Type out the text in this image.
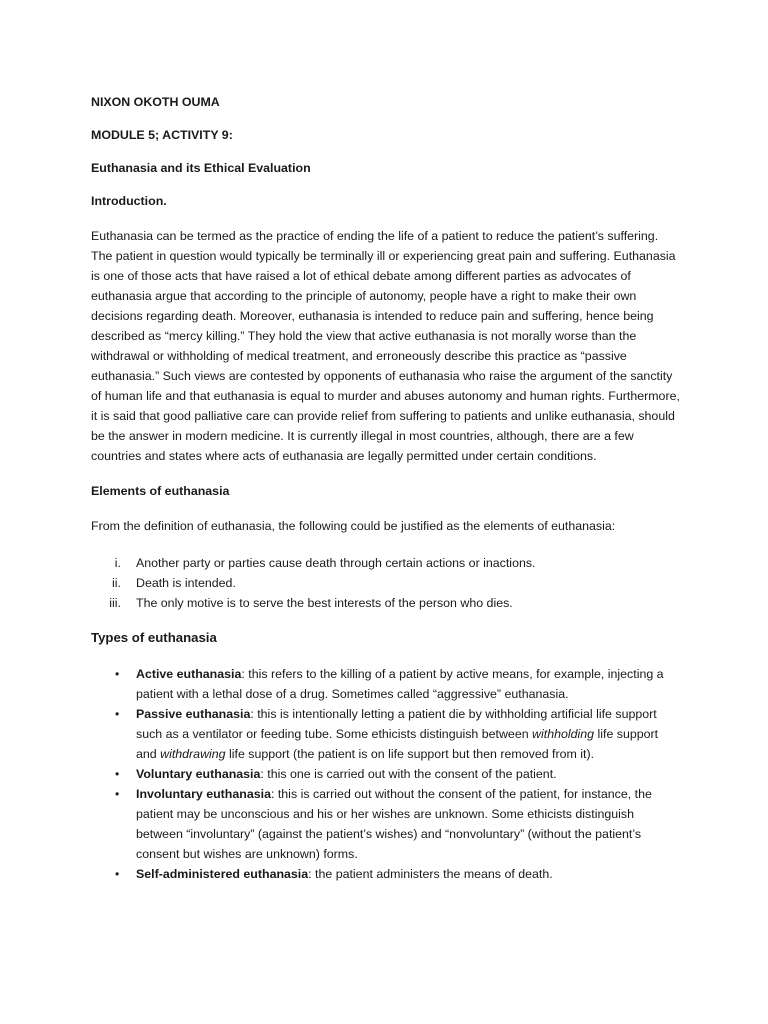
NIXON OKOTH OUMA
MODULE 5; ACTIVITY 9:
Euthanasia and its Ethical Evaluation
Introduction.

Euthanasia can be termed as the practice of ending the life of a patient to reduce the patient’s suffering. The patient in question would typically be terminally ill or experiencing great pain and suffering. Euthanasia is one of those acts that have raised a lot of ethical debate among different parties as advocates of euthanasia argue that according to the principle of autonomy, people have a right to make their own decisions regarding death. Moreover, euthanasia is intended to reduce pain and suffering, hence being described as “mercy killing.” They hold the view that active euthanasia is not morally worse than the withdrawal or withholding of medical treatment, and erroneously describe this practice as “passive euthanasia.” Such views are contested by opponents of euthanasia who raise the argument of the sanctity of human life and that euthanasia is equal to murder and abuses autonomy and human rights. Furthermore, it is said that good palliative care can provide relief from suffering to patients and unlike euthanasia, should be the answer in modern medicine. It is currently illegal in most countries, although, there are a few countries and states where acts of euthanasia are legally permitted under certain conditions.

Elements of euthanasia

From the definition of euthanasia, the following could be justified as the elements of euthanasia:

i. Another party or parties cause death through certain actions or inactions.
ii. Death is intended.
iii. The only motive is to serve the best interests of the person who dies.
Types of euthanasia
• Active euthanasia: this refers to the killing of a patient by active means, for example, injecting a patient with a lethal dose of a drug. Sometimes called “aggressive” euthanasia.
• Passive euthanasia: this is intentionally letting a patient die by withholding artificial life support such as a ventilator or feeding tube. Some ethicists distinguish between withholding life support and withdrawing life support (the patient is on life support but then removed from it).
• Voluntary euthanasia: this one is carried out with the consent of the patient.
• Involuntary euthanasia: this is carried out without the consent of the patient, for instance, the patient may be unconscious and his or her wishes are unknown. Some ethicists distinguish between “involuntary” (against the patient’s wishes) and “nonvoluntary” (without the patient’s consent but wishes are unknown) forms.
• Self-administered euthanasia: the patient administers the means of death.
